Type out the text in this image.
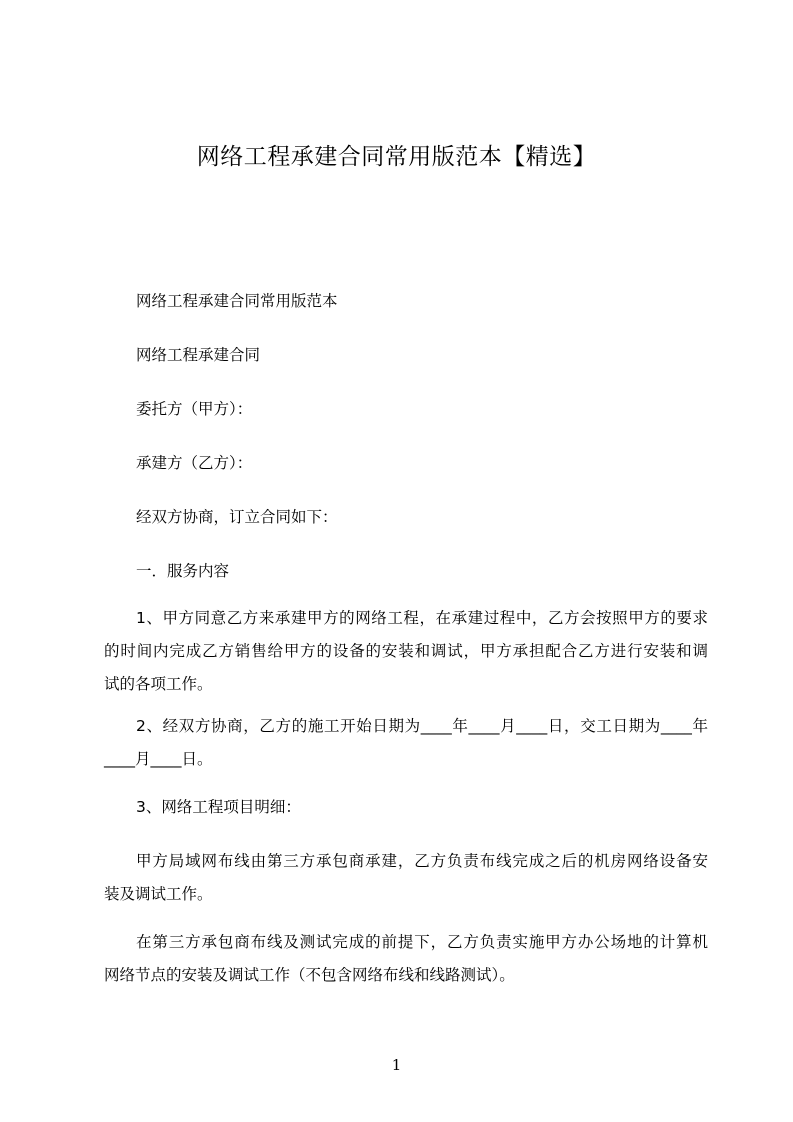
网络工程承建合同常用版范本【精选】
网络工程承建合同常用版范本
网络工程承建合同
委托方（甲方）：
承建方（乙方）：
经双方协商，订立合同如下：
一．服务内容
1、甲方同意乙方来承建甲方的网络工程，在承建过程中，乙方会按照甲方的要求
的时间内完成乙方销售给甲方的设备的安装和调试，甲方承担配合乙方进行安装和调
试的各项工作。
2、经双方协商，乙方的施工开始日期为____年____月____日，交工日期为____年
____月____日。
3、网络工程项目明细：
甲方局域网布线由第三方承包商承建，乙方负责布线完成之后的机房网络设备安
装及调试工作。
在第三方承包商布线及测试完成的前提下，乙方负责实施甲方办公场地的计算机
网络节点的安装及调试工作（不包含网络布线和线路测试）。
1
